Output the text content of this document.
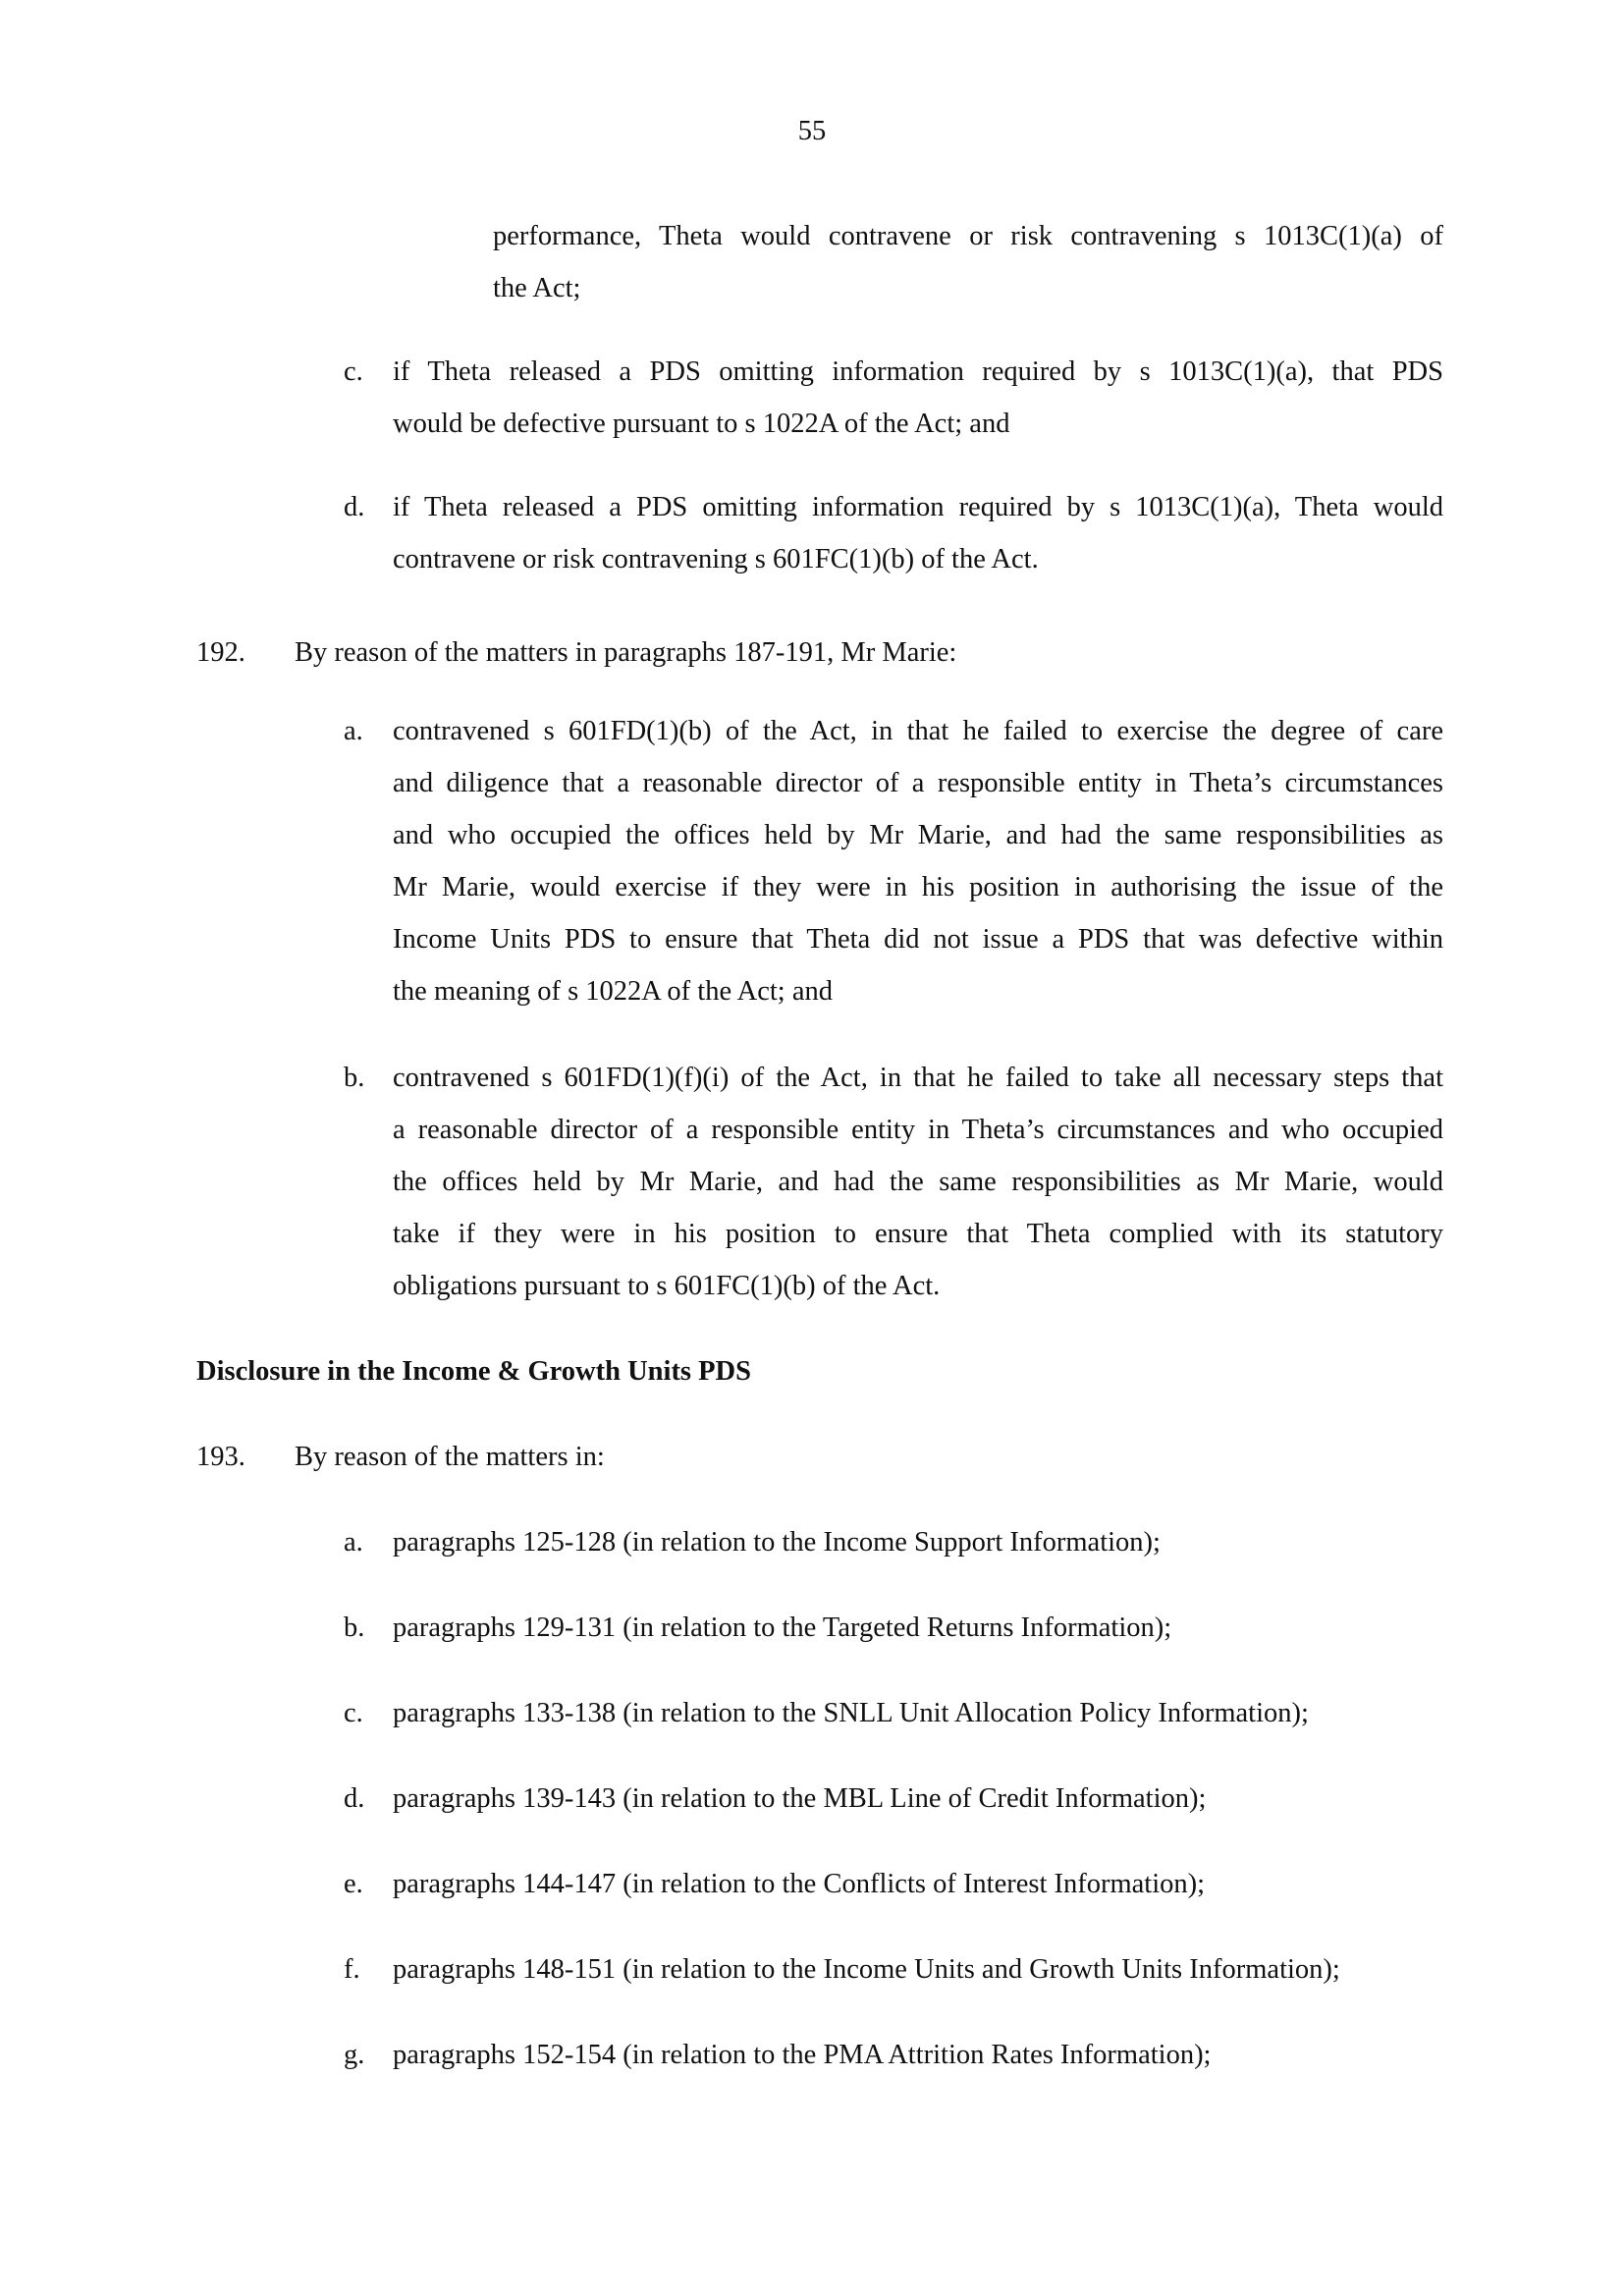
55
performance, Theta would contravene or risk contravening s 1013C(1)(a) of
the Act;
c.	if Theta released a PDS omitting information required by s 1013C(1)(a), that PDS
would be defective pursuant to s 1022A of the Act; and
d.	if Theta released a PDS omitting information required by s 1013C(1)(a), Theta would
contravene or risk contravening s 601FC(1)(b) of the Act.
192. By reason of the matters in paragraphs 187-191, Mr Marie:
a.	contravened s 601FD(1)(b) of the Act, in that he failed to exercise the degree of care
and diligence that a reasonable director of a responsible entity in Theta’s circumstances
and who occupied the offices held by Mr Marie, and had the same responsibilities as
Mr Marie, would exercise if they were in his position in authorising the issue of the
Income Units PDS to ensure that Theta did not issue a PDS that was defective within
the meaning of s 1022A of the Act; and
b.	contravened s 601FD(1)(f)(i) of the Act, in that he failed to take all necessary steps that
a reasonable director of a responsible entity in Theta’s circumstances and who occupied
the offices held by Mr Marie, and had the same responsibilities as Mr Marie, would
take if they were in his position to ensure that Theta complied with its statutory
obligations pursuant to s 601FC(1)(b) of the Act.
Disclosure in the Income & Growth Units PDS
193. By reason of the matters in:
a.	paragraphs 125-128 (in relation to the Income Support Information);
b.	paragraphs 129-131 (in relation to the Targeted Returns Information);
c.	paragraphs 133-138 (in relation to the SNLL Unit Allocation Policy Information);
d.	paragraphs 139-143 (in relation to the MBL Line of Credit Information);
e.	paragraphs 144-147 (in relation to the Conflicts of Interest Information);
f.	paragraphs 148-151 (in relation to the Income Units and Growth Units Information);
g.	paragraphs 152-154 (in relation to the PMA Attrition Rates Information);
